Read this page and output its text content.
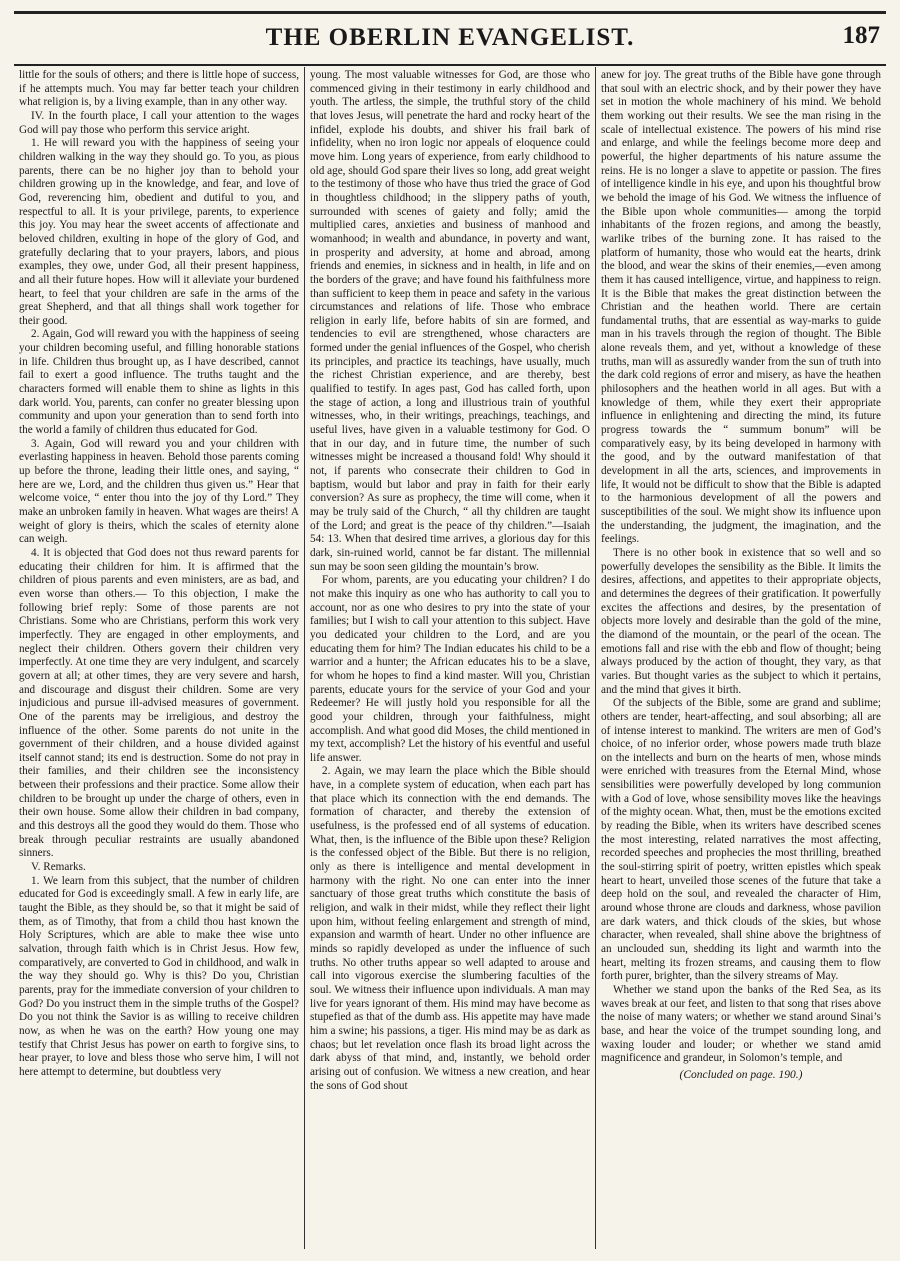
THE OBERLIN EVANGELIST.	187

little for the souls of others; and there is little hope of success, if he attempts much. You may far better teach your children what religion is, by a living example, than in any other way.

IV. In the fourth place, I call your attention to the wages God will pay those who perform this service aright.

1. He will reward you with the happiness of seeing your children walking in the way they should go. To you, as pious parents, there can be no higher joy than to behold your children growing up in the knowledge, and fear, and love of God, reverencing him, obedient and dutiful to you, and respectful to all. It is your privilege, parents, to experience this joy. You may hear the sweet accents of affectionate and beloved children, exulting in hope of the glory of God, and gratefully declaring that to your prayers, labors, and pious examples, they owe, under God, all their present happiness, and all their future hopes. How will it alleviate your burdened heart, to feel that your children are safe in the arms of the great Shepherd, and that all things shall work together for their good.

2. Again, God will reward you with the happiness of seeing your children becoming useful, and filling honorable stations in life. Children thus brought up, as I have described, cannot fail to exert a good influence. The truths taught and the characters formed will enable them to shine as lights in this dark world. You, parents, can confer no greater blessing upon community and upon your generation than to send forth into the world a family of children thus educated for God.

3. Again, God will reward you and your children with everlasting happiness in heaven. Behold those parents coming up before the throne, leading their little ones, and saying, “ here are we, Lord, and the children thus given us.” Hear that welcome voice, “ enter thou into the joy of thy Lord.” They make an unbroken family in heaven. What wages are theirs! A weight of glory is theirs, which the scales of eternity alone can weigh.

4. It is objected that God does not thus reward parents for educating their children for him. It is affirmed that the children of pious parents and even ministers, are as bad, and even worse than others.— To this objection, I make the following brief reply: Some of those parents are not Christians. Some who are Christians, perform this work very imperfectly. They are engaged in other employments, and neglect their children. Others govern their children very imperfectly. At one time they are very indulgent, and scarcely govern at all; at other times, they are very severe and harsh, and discourage and disgust their children. Some are very injudicious and pursue ill-advised measures of government. One of the parents may be irreligious, and destroy the influence of the other. Some parents do not unite in the government of their children, and a house divided against itself cannot stand; its end is destruction. Some do not pray in their families, and their children see the inconsistency between their professions and their practice. Some allow their children to be brought up under the charge of others, even in their own house. Some allow their children in bad company, and this destroys all the good they would do them. Those who break through peculiar restraints are usually abandoned sinners.

V. Remarks.

1. We learn from this subject, that the number of children educated for God is exceedingly small. A few in early life, are taught the Bible, as they should be, so that it might be said of them, as of Timothy, that from a child thou hast known the Holy Scriptures, which are able to make thee wise unto salvation, through faith which is in Christ Jesus. How few, comparatively, are converted to God in childhood, and walk in the way they should go. Why is this? Do you, Christian parents, pray for the immediate conversion of your children to God? Do you instruct them in the simple truths of the Gospel? Do you not think the Savior is as willing to receive children now, as when he was on the earth? How young one may testify that Christ Jesus has power on earth to forgive sins, to hear prayer, to love and bless those who serve him, I will not here attempt to determine, but doubtless very

young. The most valuable witnesses for God, are those who commenced giving in their testimony in early childhood and youth. The artless, the simple, the truthful story of the child that loves Jesus, will penetrate the hard and rocky heart of the infidel, explode his doubts, and shiver his frail bark of infidelity, when no iron logic nor appeals of eloquence could move him. Long years of experience, from early childhood to old age, should God spare their lives so long, add great weight to the testimony of those who have thus tried the grace of God in thoughtless childhood; in the slippery paths of youth, surrounded with scenes of gaiety and folly; amid the multiplied cares, anxieties and business of manhood and womanhood; in wealth and abundance, in poverty and want, in prosperity and adversity, at home and abroad, among friends and enemies, in sickness and in health, in life and on the borders of the grave; and have found his faithfulness more than sufficient to keep them in peace and safety in the various circumstances and relations of life. Those who embrace religion in early life, before habits of sin are formed, and tendencies to evil are strengthened, whose characters are formed under the genial influences of the Gospel, who cherish its principles, and practice its teachings, have usually, much the richest Christian experience, and are thereby, best qualified to testify. In ages past, God has called forth, upon the stage of action, a long and illustrious train of youthful witnesses, who, in their writings, preachings, teachings, and useful lives, have given in a valuable testimony for God. O that in our day, and in future time, the number of such witnesses might be increased a thousand fold! Why should it not, if parents who consecrate their children to God in baptism, would but labor and pray in faith for their early conversion? As sure as prophecy, the time will come, when it may be truly said of the Church, “ all thy children are taught of the Lord; and great is the peace of thy children.”—Isaiah 54: 13. When that desired time arrives, a glorious day for this dark, sin-ruined world, cannot be far distant. The millennial sun may be soon seen gilding the mountain’s brow.

For whom, parents, are you educating your children? I do not make this inquiry as one who has authority to call you to account, nor as one who desires to pry into the state of your families; but I wish to call your attention to this subject. Have you dedicated your children to the Lord, and are you educating them for him? The Indian educates his child to be a warrior and a hunter; the African educates his to be a slave, for whom he hopes to find a kind master. Will you, Christian parents, educate yours for the service of your God and your Redeemer? He will justly hold you responsible for all the good your children, through your faithfulness, might accomplish. And what good did Moses, the child mentioned in my text, accomplish? Let the history of his eventful and useful life answer.

2. Again, we may learn the place which the Bible should have, in a complete system of education, when each part has that place which its connection with the end demands. The formation of character, and thereby the extension of usefulness, is the professed end of all systems of education. What, then, is the influence of the Bible upon these? Religion is the confessed object of the Bible. But there is no religion, only as there is intelligence and mental development in harmony with the right. No one can enter into the inner sanctuary of those great truths which constitute the basis of religion, and walk in their midst, while they reflect their light upon him, without feeling enlargement and strength of mind, expansion and warmth of heart. Under no other influence are minds so rapidly developed as under the influence of such truths. No other truths appear so well adapted to arouse and call into vigorous exercise the slumbering faculties of the soul. We witness their influence upon individuals. A man may live for years ignorant of them. His mind may have become as stupefied as that of the dumb ass. His appetite may have made him a swine; his passions, a tiger. His mind may be as dark as chaos; but let revelation once flash its broad light across the dark abyss of that mind, and, instantly, we behold order arising out of confusion. We witness a new creation, and hear the sons of God shout

anew for joy. The great truths of the Bible have gone through that soul with an electric shock, and by their power they have set in motion the whole machinery of his mind. We behold them working out their results. We see the man rising in the scale of intellectual existence. The powers of his mind rise and enlarge, and while the feelings become more deep and powerful, the higher departments of his nature assume the reins. He is no longer a slave to appetite or passion. The fires of intelligence kindle in his eye, and upon his thoughtful brow we behold the image of his God. We witness the influence of the Bible upon whole communities— among the torpid inhabitants of the frozen regions, and among the beastly, warlike tribes of the burning zone. It has raised to the platform of humanity, those who would eat the hearts, drink the blood, and wear the skins of their enemies,—even among them it has caused intelligence, virtue, and happiness to reign. It is the Bible that makes the great distinction between the Christian and the heathen world. There are certain fundamental truths, that are essential as way-marks to guide man in his travels through the region of thought. The Bible alone reveals them, and yet, without a knowledge of these truths, man will as assuredly wander from the sun of truth into the dark cold regions of error and misery, as have the heathen philosophers and the heathen world in all ages. But with a knowledge of them, while they exert their appropriate influence in enlightening and directing the mind, its future progress towards the “ summum bonum” will be comparatively easy, by its being developed in harmony with the good, and by the outward manifestation of that development in all the arts, sciences, and improvements in life, It would not be difficult to show that the Bible is adapted to the harmonious development of all the powers and susceptibilities of the soul. We might show its influence upon the understanding, the judgment, the imagination, and the feelings.

There is no other book in existence that so well and so powerfully developes the sensibility as the Bible. It limits the desires, affections, and appetites to their appropriate objects, and determines the degrees of their gratification. It powerfully excites the affections and desires, by the presentation of objects more lovely and desirable than the gold of the mine, the diamond of the mountain, or the pearl of the ocean. The emotions fall and rise with the ebb and flow of thought; being always produced by the action of thought, they vary, as that varies. But thought varies as the subject to which it pertains, and the mind that gives it birth.

Of the subjects of the Bible, some are grand and sublime; others are tender, heart-affecting, and soul absorbing; all are of intense interest to mankind. The writers are men of God’s choice, of no inferior order, whose powers made truth blaze on the intellects and burn on the hearts of men, whose minds were enriched with treasures from the Eternal Mind, whose sensibilities were powerfully developed by long communion with a God of love, whose sensibility moves like the heavings of the mighty ocean. What, then, must be the emotions excited by reading the Bible, when its writers have described scenes the most interesting, related narratives the most affecting, recorded speeches and prophecies the most thrilling, breathed the soul-stirring spirit of poetry, written epistles which speak heart to heart, unveiled those scenes of the future that take a deep hold on the soul, and revealed the character of Him, around whose throne are clouds and darkness, whose pavilion are dark waters, and thick clouds of the skies, but whose character, when revealed, shall shine above the brightness of an unclouded sun, shedding its light and warmth into the heart, melting its frozen streams, and causing them to flow forth purer, brighter, than the silvery streams of May.

Whether we stand upon the banks of the Red Sea, as its waves break at our feet, and listen to that song that rises above the noise of many waters; or whether we stand around Sinai’s base, and hear the voice of the trumpet sounding long, and waxing louder and louder; or whether we stand amid magnificence and grandeur, in Solomon’s temple, and

(Concluded on page. 190.)
